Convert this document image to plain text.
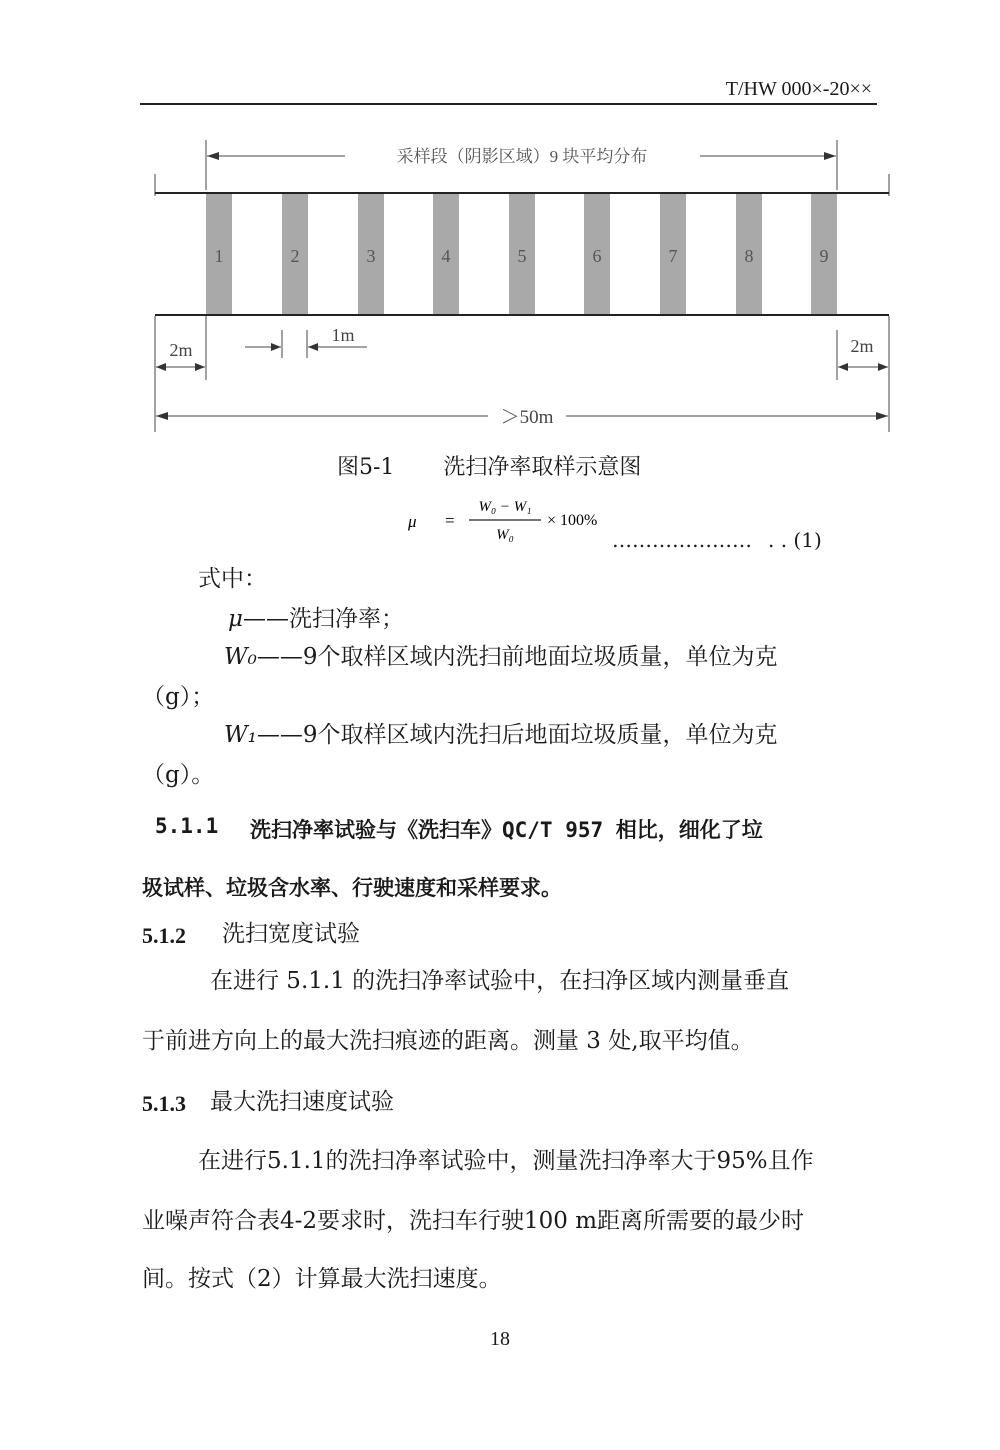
T/HW 000×-20××
采样段（阴影区域）9 块平均分布
1	2	3	4	5	6	7	8	9
2m
1m
2m
＞50m
图5-1       洗扫净率取样示意图
μ =
W₀ − W₁
W₀
× 100%
………………… . . (1)
式中：
μ——洗扫净率；
W₀——9个取样区域内洗扫前地面垃圾质量，单位为克
（g）；
W₁——9个取样区域内洗扫后地面垃圾质量，单位为克
（g）。
5.1.1 洗扫净率试验与《洗扫车》QC/T 957 相比，细化了垃
圾试样、垃圾含水率、行驶速度和采样要求。
5.1.2 洗扫宽度试验
在进行 5.1.1 的洗扫净率试验中，在扫净区域内测量垂直
于前进方向上的最大洗扫痕迹的距离。测量 3 处,取平均值。
5.1.3 最大洗扫速度试验
在进行5.1.1的洗扫净率试验中，测量洗扫净率大于95%且作
业噪声符合表4-2要求时，洗扫车行驶100 m距离所需要的最少时
间。按式（2）计算最大洗扫速度。
18
